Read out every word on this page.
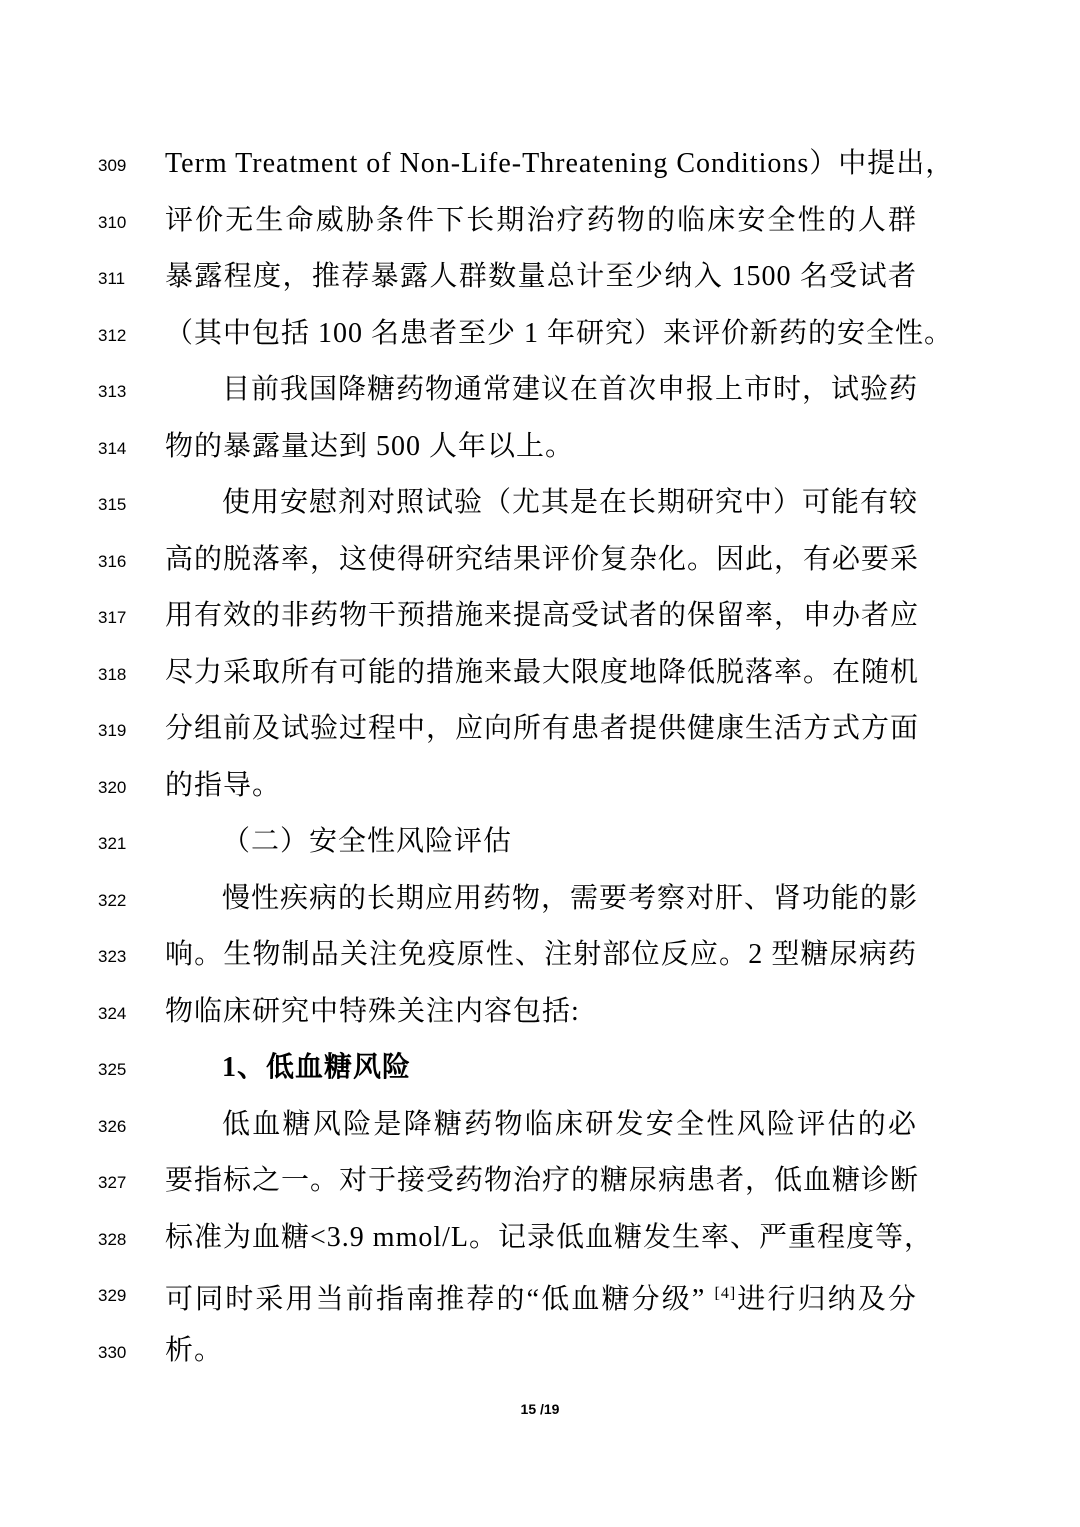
309	Term Treatment of Non-Life-Threatening Conditions）中提出，
310	评价无生命威胁条件下长期治疗药物的临床安全性的人群
311	暴露程度，推荐暴露人群数量总计至少纳入 1500 名受试者
312	（其中包括 100 名患者至少 1 年研究）来评价新药的安全性。
313	目前我国降糖药物通常建议在首次申报上市时，试验药
314	物的暴露量达到 500 人年以上。
315	使用安慰剂对照试验（尤其是在长期研究中）可能有较
316	高的脱落率，这使得研究结果评价复杂化。因此，有必要采
317	用有效的非药物干预措施来提高受试者的保留率，申办者应
318	尽力采取所有可能的措施来最大限度地降低脱落率。在随机
319	分组前及试验过程中，应向所有患者提供健康生活方式方面
320	的指导。
321	（二）安全性风险评估
322	慢性疾病的长期应用药物，需要考察对肝、肾功能的影
323	响。生物制品关注免疫原性、注射部位反应。2 型糖尿病药
324	物临床研究中特殊关注内容包括:
325	1、低血糖风险
326	低血糖风险是降糖药物临床研发安全性风险评估的必
327	要指标之一。对于接受药物治疗的糖尿病患者，低血糖诊断
328	标准为血糖<3.9 mmol/L。记录低血糖发生率、严重程度等，
329	可同时采用当前指南推荐的“低血糖分级” [4]进行归纳及分
330	析。
15 /19
